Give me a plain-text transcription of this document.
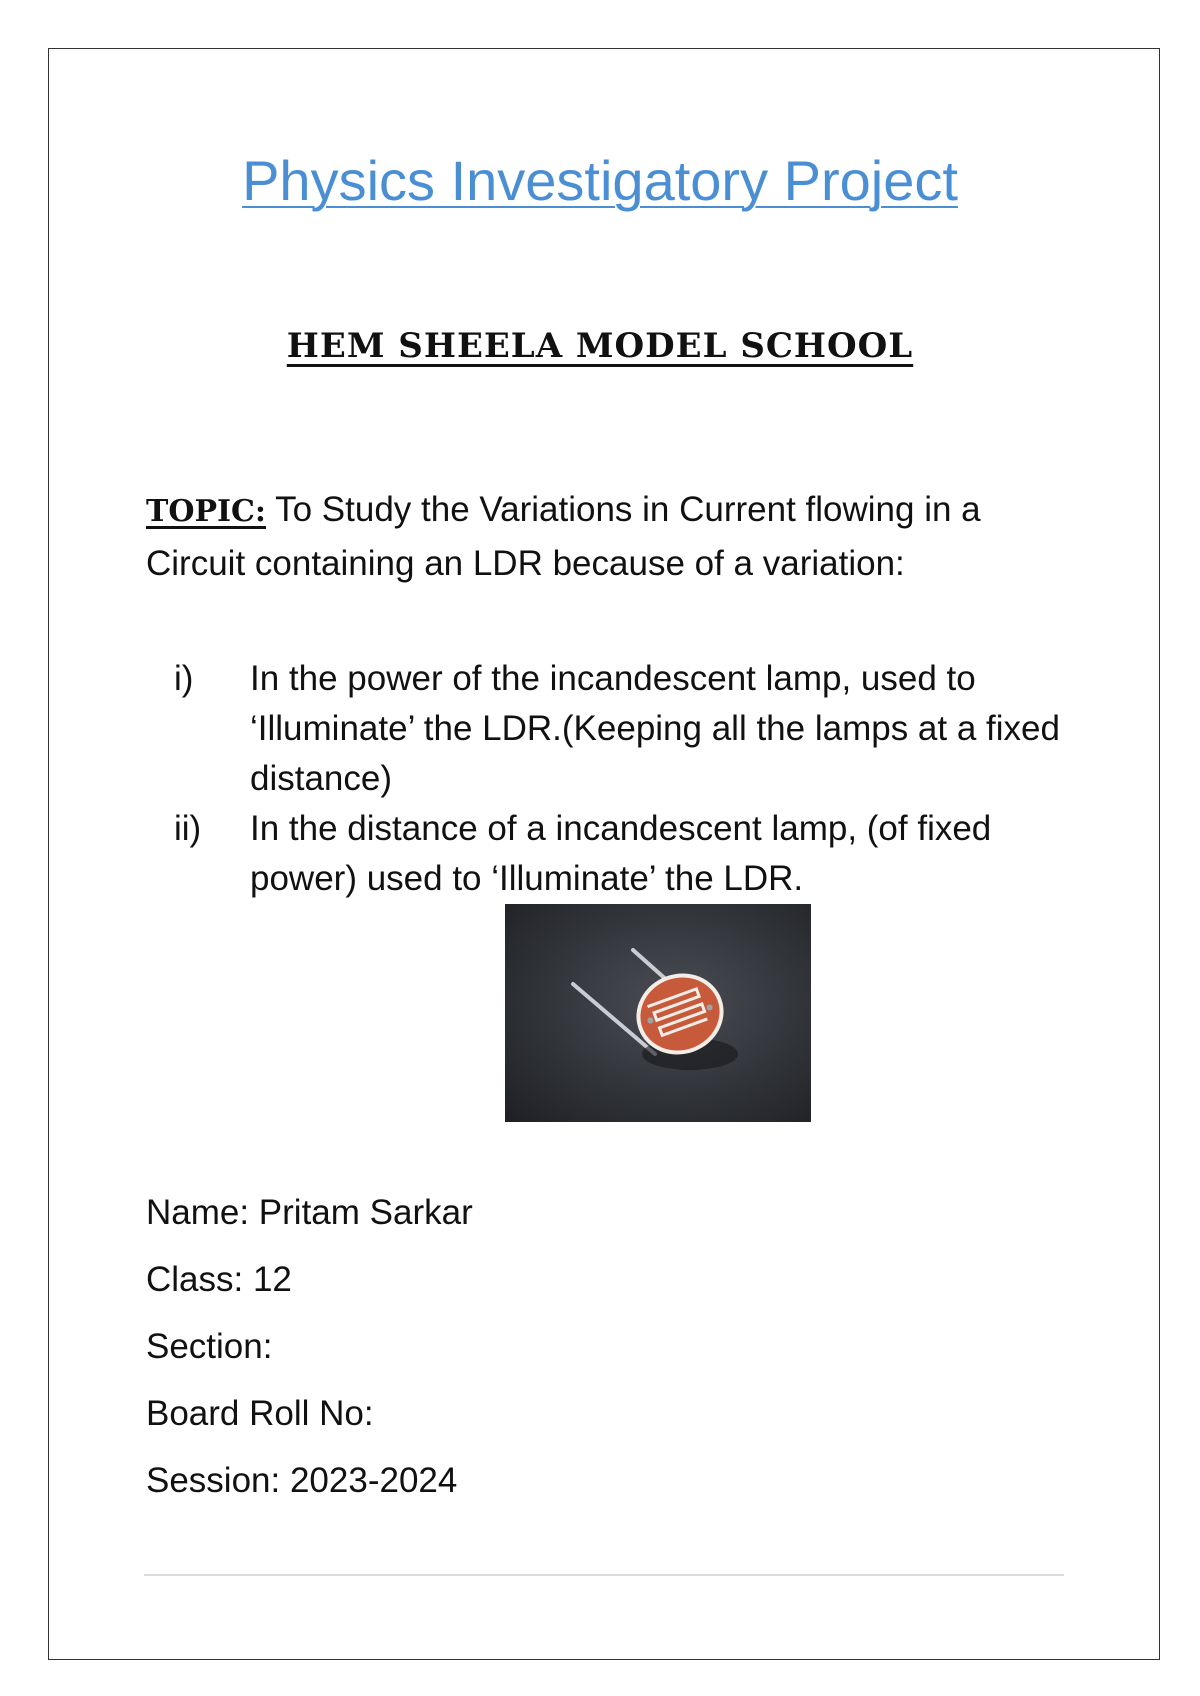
Physics Investigatory Project
HEM SHEELA MODEL SCHOOL
TOPIC: To Study the Variations in Current flowing in a Circuit containing an LDR because of a variation:
i) In the power of the incandescent lamp, used to ‘Illuminate’ the LDR.(Keeping all the lamps at a fixed distance)
ii) In the distance of a incandescent lamp, (of fixed power) used to ‘Illuminate’ the LDR.
Name: Pritam Sarkar
Class: 12
Section:
Board Roll No:
Session: 2023-2024
